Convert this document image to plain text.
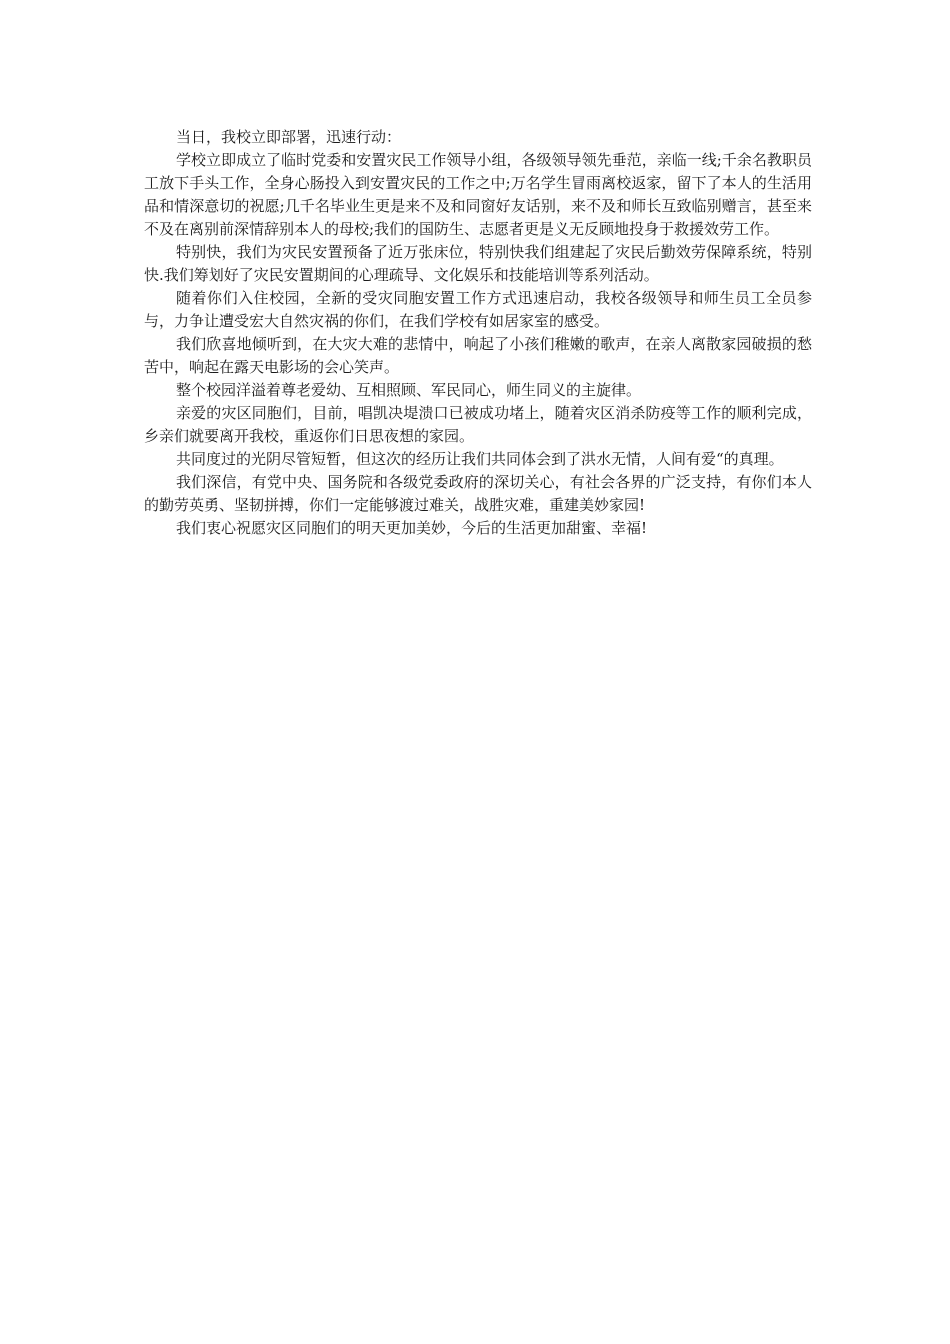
当日，我校立即部署，迅速行动：

学校立即成立了临时党委和安置灾民工作领导小组，各级领导领先垂范，亲临一线;千余名教职员工放下手头工作，全身心肠投入到安置灾民的工作之中;万名学生冒雨离校返家，留下了本人的生活用品和情深意切的祝愿;几千名毕业生更是来不及和同窗好友话别，来不及和师长互致临别赠言，甚至来不及在离别前深情辞别本人的母校;我们的国防生、志愿者更是义无反顾地投身于救援效劳工作。

特别快，我们为灾民安置预备了近万张床位，特别快我们组建起了灾民后勤效劳保障系统，特别快.我们筹划好了灾民安置期间的心理疏导、文化娱乐和技能培训等系列活动。

随着你们入住校园，全新的受灾同胞安置工作方式迅速启动，我校各级领导和师生员工全员参与，力争让遭受宏大自然灾祸的你们，在我们学校有如居家室的感受。

我们欣喜地倾听到，在大灾大难的悲情中，响起了小孩们稚嫩的歌声，在亲人离散家园破损的愁苦中，响起在露天电影场的会心笑声。

整个校园洋溢着尊老爱幼、互相照顾、军民同心，师生同义的主旋律。

亲爱的灾区同胞们，目前，唱凯决堤溃口已被成功堵上，随着灾区消杀防疫等工作的顺利完成，乡亲们就要离开我校，重返你们日思夜想的家园。

共同度过的光阴尽管短暂，但这次的经历让我们共同体会到了洪水无情，人间有爱“的真理。

我们深信，有党中央、国务院和各级党委政府的深切关心，有社会各界的广泛支持，有你们本人的勤劳英勇、坚韧拼搏，你们一定能够渡过难关，战胜灾难，重建美妙家园!

我们衷心祝愿灾区同胞们的明天更加美妙，今后的生活更加甜蜜、幸福!
